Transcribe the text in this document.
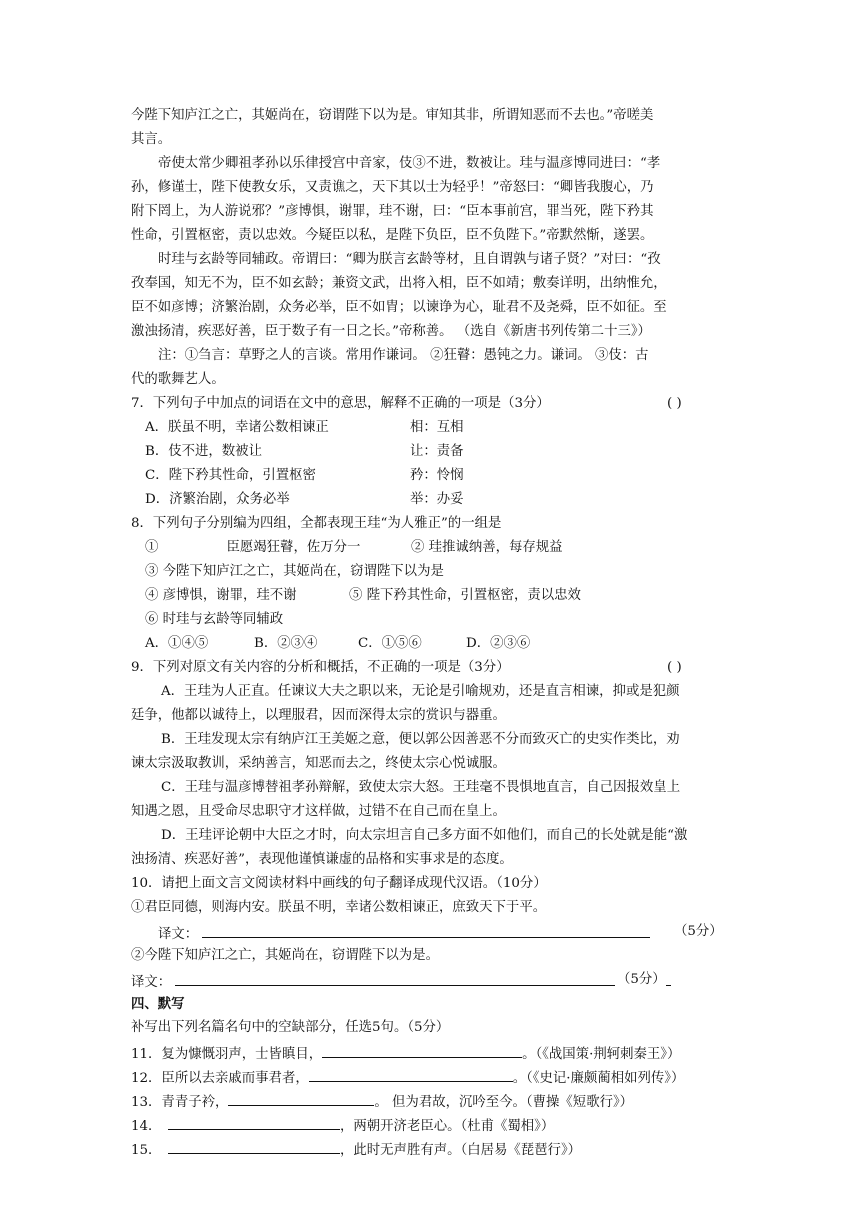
今陛下知庐江之亡，其姬尚在，窃谓陛下以为是。审知其非，所谓知恶而不去也。”帝嗟美
其言。
帝使太常少卿祖孝孙以乐律授宫中音家，伎③不进，数被让。珪与温彦博同进曰：“孝
孙，修谨士，陛下使教女乐，又责谯之，天下其以士为轻乎！”帝怒曰：“卿皆我腹心，乃
附下罔上，为人游说邪？”彦博惧，谢罪，珪不谢，曰：“臣本事前宫，罪当死，陛下矜其
性命，引置枢密，责以忠效。今疑臣以私，是陛下负臣，臣不负陛下。”帝默然惭，遂罢。
时珪与玄龄等同辅政。帝谓曰：“卿为朕言玄龄等材，且自谓孰与诸子贤？”对曰：“孜
孜奉国，知无不为，臣不如玄龄；兼资文武，出将入相，臣不如靖；敷奏详明，出纳惟允，
臣不如彦博；济繁治剧，众务必举，臣不如胄；以谏诤为心，耻君不及尧舜，臣不如征。至
激浊扬清，疾恶好善，臣于数子有一日之长。”帝称善。 （选自《新唐书列传第二十三》）
注：①刍言：草野之人的言谈。常用作谦词。 ②狂瞽：愚钝之力。谦词。 ③伎：古
代的歌舞艺人。
7．下列句子中加点的词语在文中的意思，解释不正确的一项是（3分）	( )
A．朕虽不明，幸诸公数相谏正	相：互相
B．伎不进，数被让	让：责备
C．陛下矜其性命，引置枢密	矜：怜悯
D．济繁治剧，众务必举	举：办妥
8．下列句子分别编为四组，全都表现王珪“为人雅正”的一组是
①                臣愿竭狂瞽，佐万分一	② 珪推诚纳善，每存规益
③ 今陛下知庐江之亡，其姬尚在，窃谓陛下以为是
④ 彦博惧，谢罪，珪不谢	⑤ 陛下矜其性命，引置枢密，责以忠效
⑥ 时珪与玄龄等同辅政
A．①④⑤	B．②③④	C．①⑤⑥	D．②③⑥
9．下列对原文有关内容的分析和概括，不正确的一项是（3分）	( )
A．王珪为人正直。任谏议大夫之职以来，无论是引喻规劝，还是直言相谏，抑或是犯颜
廷争，他都以诚待上，以理服君，因而深得太宗的赏识与器重。
B．王珪发现太宗有纳庐江王美姬之意，便以郭公因善恶不分而致灭亡的史实作类比，劝
谏太宗汲取教训，采纳善言，知恶而去之，终使太宗心悦诚服。
C．王珪与温彦博替祖孝孙辩解，致使太宗大怒。王珪毫不畏惧地直言，自己因报效皇上
知遇之恩，且受命尽忠职守才这样做，过错不在自己而在皇上。
D．王珪评论朝中大臣之才时，向太宗坦言自己多方面不如他们，而自己的长处就是能“激
浊扬清、疾恶好善”，表现他谨慎谦虚的品格和实事求是的态度。
10．请把上面文言文阅读材料中画线的句子翻译成现代汉语。（10分）
①君臣同德，则海内安。朕虽不明，幸诸公数相谏正，庶致天下于平。
译文：	（5分）
②今陛下知庐江之亡，其姬尚在，窃谓陛下以为是。
译文：	（5分）
四、默写
补写出下列名篇名句中的空缺部分，任选5句。（5分）
11．复为慷慨羽声，士皆瞋目，	。（《战国策·荆轲刺秦王》）
12．臣所以去亲戚而事君者，	。（《史记·廉颇蔺相如列传》）
13．青青子衿，	。 但为君故，沉吟至今。（曹操《短歌行》）
14．	，两朝开济老臣心。（杜甫《蜀相》）
15．	，此时无声胜有声。（白居易《琵琶行》）
